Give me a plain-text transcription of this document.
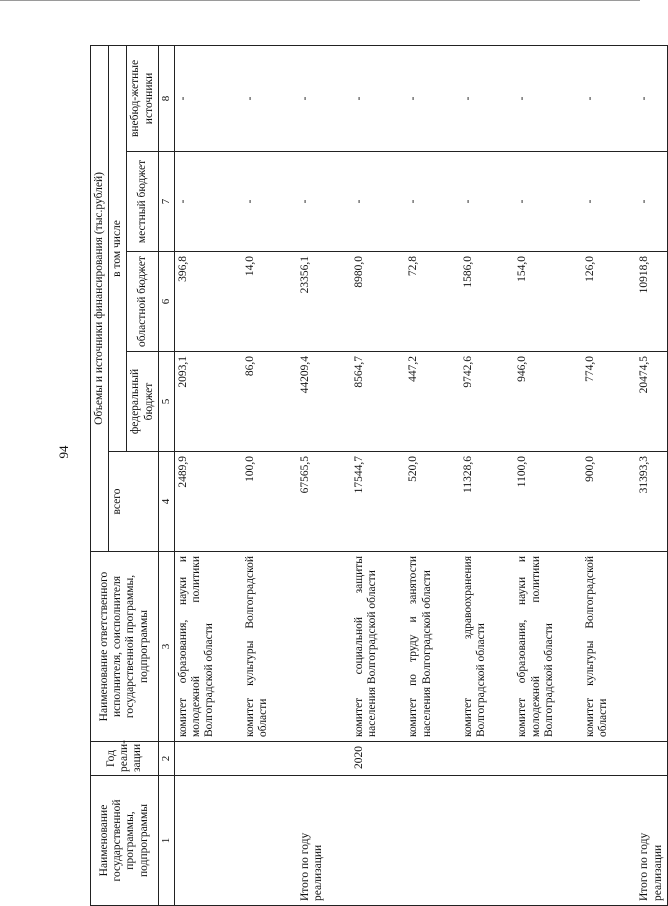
94
Наименование государственной программы, подпрограммы	Год реали-зации	Наименование ответственного исполнителя, соисполнителя государственной программы, подпрограммы	Объемы и источники финансирования (тыс.рублей)				
			всего	в том числе			
				федеральный бюджет	областной бюджет	местный бюджет	внебюд-жетные источники
1	2	3	4	5	6	7	8
		комитет образования, науки и молодежной политики Волгоградской области	2489,9	2093,1	396,8	-	-

		комитет культуры Волгоградской области	100,0	86,0	14,0	-	-

Итого по году реализации			67565,5	44209,4	23356,1	-	-

	2020	комитет социальной защиты населения Волгоградской области	17544,7	8564,7	8980,0	-	-

		комитет по труду и занятости населения Волгоградской области	520,0	447,2	72,8	-	-

		комитет здравоохранения Волгоградской области	11328,6	9742,6	1586,0	-	-

		комитет образования, науки и молодежной политики Волгоградской области	1100,0	946,0	154,0	-	-

		комитет культуры Волгоградской области	900,0	774,0	126,0	-	-

Итого по году реализации			31393,3	20474,5	10918,8	-	-
